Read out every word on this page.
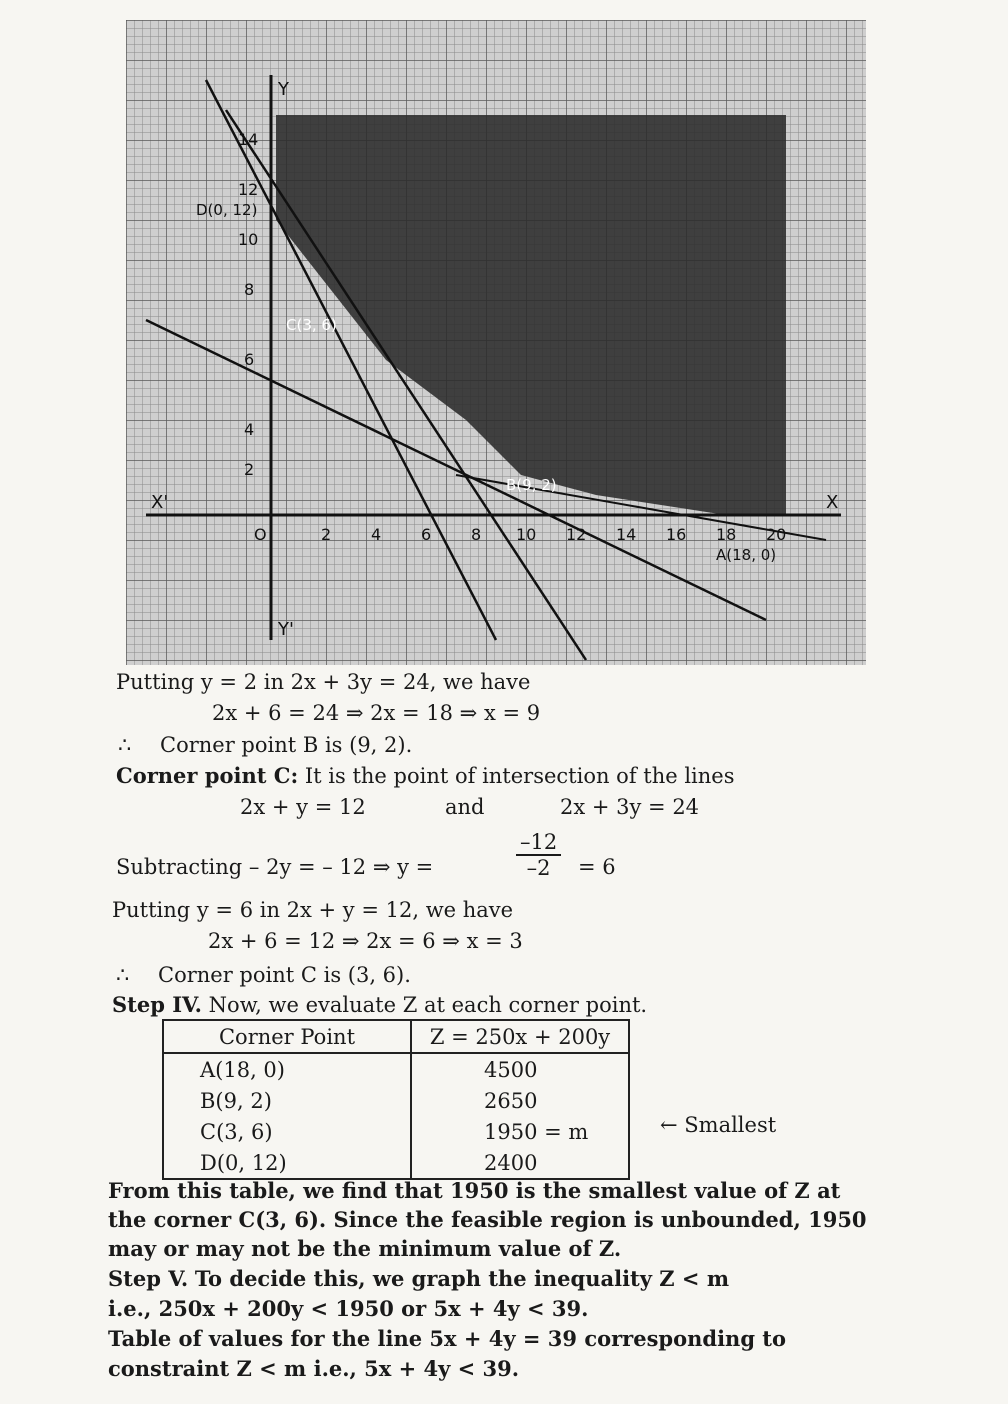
2 4 6 8 10 12 14 16 18 20
14
12
10
8
6
4
2
D(0, 12)
C(3, 6)
B(9, 2)
A(18, 0)
O
X
X'
Y
Y'
Putting y = 2 in 2x + 3y = 24, we have
2x + 6 = 24 ⇒ 2x = 18 ⇒ x = 9
∴ Corner point B is (9, 2).
Corner point C: It is the point of intersection of the lines
2x + y = 12	and	2x + 3y = 24
Subtracting – 2y = – 12 ⇒ y =	$\frac{-12}{-2} = 6$
Putting y = 6 in 2x + y = 12, we have
2x + 6 = 12 ⇒ 2x = 6 ⇒ x = 3
∴ Corner point C is (3, 6).
Step IV. Now, we evaluate Z at each corner point.
Corner Point	Z = 250x + 200y
A(18, 0)	4500
B(9, 2)	2650
C(3, 6)	1950 = m
D(0, 12)	2400
← Smallest
From this table, we find that 1950 is the smallest value of Z at
the corner C(3, 6). Since the feasible region is unbounded, 1950
may or may not be the minimum value of Z.
Step V. To decide this, we graph the inequality Z < m
i.e., 250x + 200y < 1950 or 5x + 4y < 39.
Table of values for the line 5x + 4y = 39 corresponding to
constraint Z < m i.e., 5x + 4y < 39.
